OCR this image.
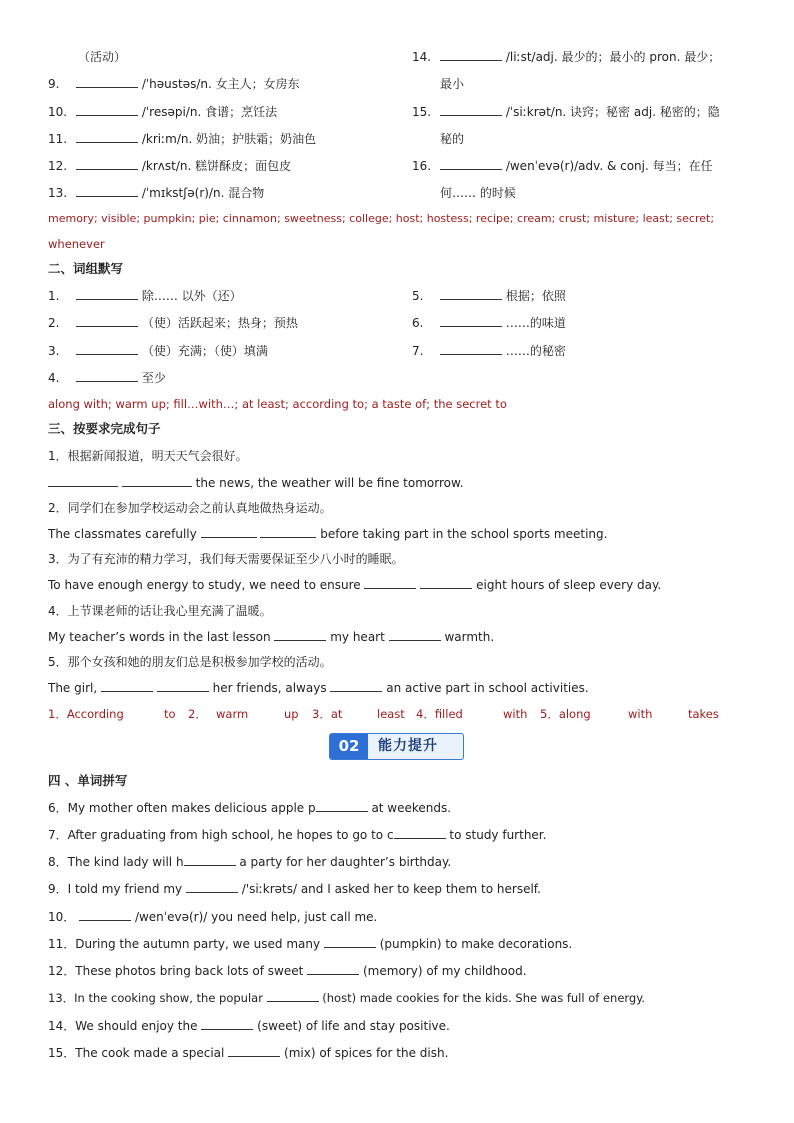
（活动）
9.	/ˈhəustəs/n. 女主人；女房东
10.	/ˈresəpi/n. 食谱；烹饪法
11.	/kriːm/n. 奶油；护肤霜；奶油色
12.	/krʌst/n. 糕饼酥皮；面包皮
13.	/ˈmɪkstʃə(r)/n. 混合物
14.	/liːst/adj. 最少的；最小的 pron. 最少；
最小
15.	/ˈsiːkrət/n. 诀窍；秘密 adj. 秘密的；隐
秘的
16.	/wenˈevə(r)/adv. & conj. 每当；在任
何…… 的时候
memory; visible; pumpkin; pie; cinnamon; sweetness; college; host; hostess; recipe; cream; crust; misture; least; secret;
whenever
二、词组默写
1.	除…… 以外（还）
2.	（使）活跃起来；热身；预热
3.	（使）充满；（使）填满
4.	至少
5.	根据；依照
6.	……的味道
7.	……的秘密
along with; warm up; fill…with…; at least; according to; a taste of; the secret to
三、按要求完成句子
1．根据新闻报道，明天天气会很好。
the news, the weather will be fine tomorrow.
2．同学们在参加学校运动会之前认真地做热身运动。
The classmates carefully	before taking part in the school sports meeting.
3．为了有充沛的精力学习，我们每天需要保证至少八小时的睡眠。
To have enough energy to study, we need to ensure	eight hours of sleep every day.
4．上节课老师的话让我心里充满了温暖。
My teacher’s words in the last lesson	my heart	warmth.
5．那个女孩和她的朋友们总是积极参加学校的活动。
The girl,	her friends, always	an active part in school activities.
1．According	to 2． warm	up 3．at	least 4．filled	with 5．along	with	takes
02	能力提升
四 、单词拼写
6．My mother often makes delicious apple p	at weekends.
7．After graduating from high school, he hopes to go to c	to study further.
8．The kind lady will h	a party for her daughter’s birthday.
9．I told my friend my	/'siːkrəts/ and I asked her to keep them to herself.
10．	/wenˈevə(r)/ you need help, just call me.
11．During the autumn party, we used many	(pumpkin) to make decorations.
12．These photos bring back lots of sweet	(memory) of my childhood.
13．In the cooking show, the popular	(host) made cookies for the kids. She was full of energy.
14．We should enjoy the	(sweet) of life and stay positive.
15．The cook made a special	(mix) of spices for the dish.
